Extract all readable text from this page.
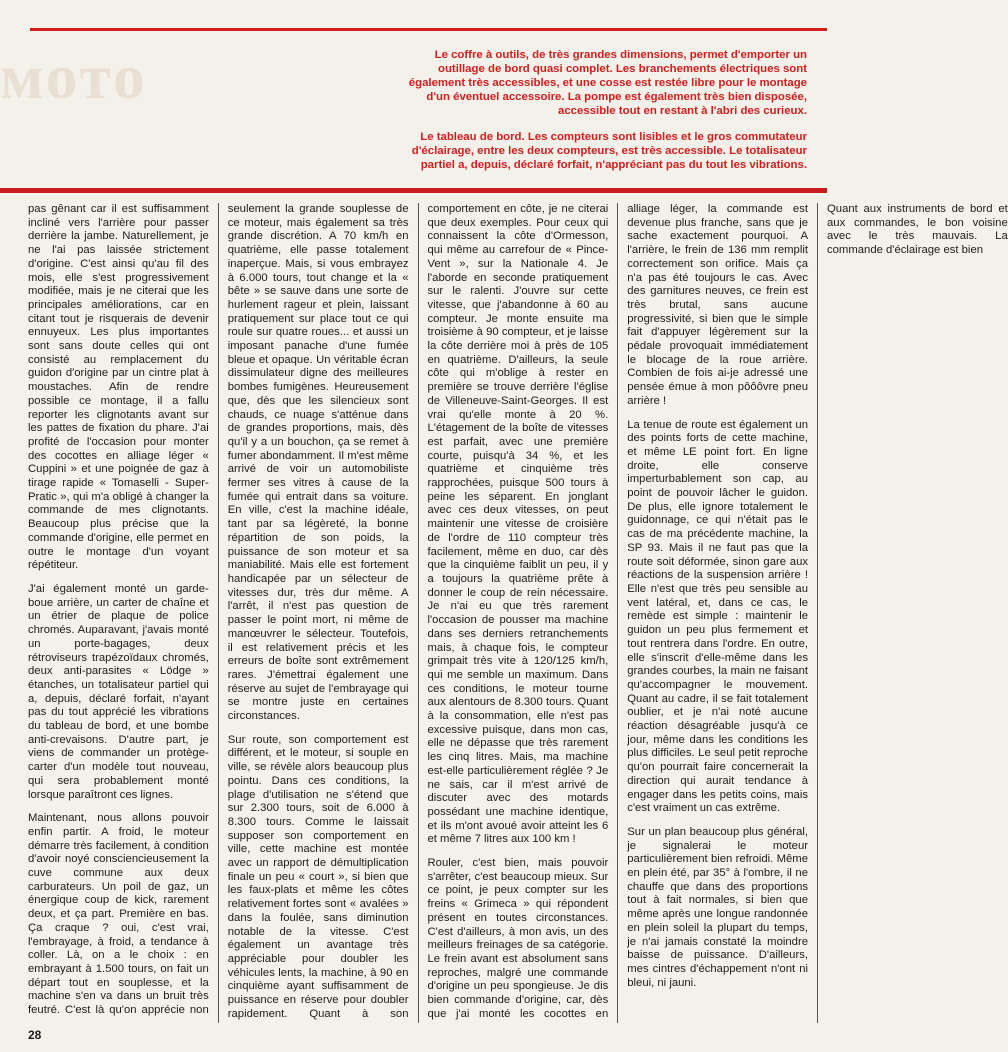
ᴍᴏᴛᴏ	Le coffre à outils, de très grandes dimensions, permet d'emporter un outillage de bord quasi complet. Les branchements électriques sont également très accessibles, et une cosse est restée libre pour le montage d'un éventuel accessoire. La pompe est également très bien disposée, accessible tout en restant à l'abri des curieux.

Le tableau de bord. Les compteurs sont lisibles et le gros commutateur d'éclairage, entre les deux compteurs, est très accessible. Le totalisateur partiel a, depuis, déclaré forfait, n'appréciant pas du tout les vibrations.

pas gênant car il est suffisamment incliné vers l'arrière pour passer derrière la jambe. Naturellement, je ne l'ai pas laissée strictement d'origine. C'est ainsi qu'au fil des mois, elle s'est progressivement modifiée, mais je ne citerai que les principales améliorations, car en citant tout je risquerais de devenir ennuyeux. Les plus importantes sont sans doute celles qui ont consisté au remplacement du guidon d'origine par un cintre plat à moustaches. Afin de rendre possible ce montage, il a fallu reporter les clignotants avant sur les pattes de fixation du phare. J'ai profité de l'occasion pour monter des cocottes en alliage léger « Cuppini » et une poignée de gaz à tirage rapide « Tomaselli - Super-Pratic », qui m'a obligé à changer la commande de mes clignotants. Beaucoup plus précise que la commande d'origine, elle permet en outre le montage d'un voyant répétiteur.

J'ai également monté un garde-boue arrière, un carter de chaîne et un étrier de plaque de police chromés. Auparavant, j'avais monté un porte-bagages, deux rétroviseurs trapézoïdaux chromés, deux anti-parasites « Lödge » étanches, un totalisateur partiel qui a, depuis, déclaré forfait, n'ayant pas du tout apprécié les vibrations du tableau de bord, et une bombe anti-crevaisons. D'autre part, je viens de commander un protège-carter d'un modèle tout nouveau, qui sera probablement monté lorsque paraîtront ces lignes.

Maintenant, nous allons pouvoir enfin partir. A froid, le moteur démarre très facilement, à condition d'avoir noyé consciencieusement la cuve commune aux deux carburateurs. Un poil de gaz, un énergique coup de kick, rarement deux, et ça part. Première en bas. Ça craque ? oui, c'est vrai, l'embrayage, à froid, a tendance à coller. Là, on a le choix : en embrayant à 1.500 tours, on fait un départ tout en souplesse, et la machine s'en va dans un bruit très feutré. C'est là qu'on apprécie non seulement la grande souplesse de ce moteur, mais également sa très grande discrétion. A 70 km/h en quatrième, elle passe totalement inaperçue. Mais, si vous embrayez à 6.000 tours, tout change et la « bête » se sauve dans une sorte de hurlement rageur et plein, laissant pratiquement sur place tout ce qui roule sur quatre roues... et aussi un imposant panache d'une fumée bleue et opaque. Un véritable écran dissimulateur digne des meilleures bombes fumigènes. Heureusement que, dès que les silencieux sont chauds, ce nuage s'atténue dans de grandes proportions, mais, dès qu'il y a un bouchon, ça se remet à fumer abondamment. Il m'est même arrivé de voir un automobiliste fermer ses vitres à cause de la fumée qui entrait dans sa voiture. En ville, c'est la machine idéale, tant par sa légèreté, la bonne répartition de son poids, la puissance de son moteur et sa maniabilité. Mais elle est fortement handicapée par un sélecteur de vitesses dur, très dur même. A l'arrêt, il n'est pas question de passer le point mort, ni même de manœuvrer le sélecteur. Toutefois, il est relativement précis et les erreurs de boîte sont extrêmement rares. J'émettrai également une réserve au sujet de l'embrayage qui se montre juste en certaines circonstances.

Sur route, son comportement est différent, et le moteur, si souple en ville, se révèle alors beaucoup plus pointu. Dans ces conditions, la plage d'utilisation ne s'étend que sur 2.300 tours, soit de 6.000 à 8.300 tours. Comme le laissait supposer son comportement en ville, cette machine est montée avec un rapport de démultiplication finale un peu « court », si bien que les faux-plats et même les côtes relativement fortes sont « avalées » dans la foulée, sans diminution notable de la vitesse. C'est également un avantage très appréciable pour doubler les véhicules lents, la machine, à 90 en cinquième ayant suffisamment de puissance en réserve pour doubler rapidement. Quant à son comportement en côte, je ne citerai que deux exemples. Pour ceux qui connaissent la côte d'Ormesson, qui même au carrefour de « Pince-Vent », sur la Nationale 4. Je l'aborde en seconde pratiquement sur le ralenti. J'ouvre sur cette vitesse, que j'abandonne à 60 au compteur. Je monte ensuite ma troisième à 90 compteur, et je laisse la côte derrière moi à près de 105 en quatrième. D'ailleurs, la seule côte qui m'oblige à rester en première se trouve derrière l'église de Villeneuve-Saint-Georges. Il est vrai qu'elle monte à 20 %. L'étagement de la boîte de vitesses est parfait, avec une première courte, puisqu'à 34 %, et les quatrième et cinquième très rapprochées, puisque 500 tours à peine les séparent. En jonglant avec ces deux vitesses, on peut maintenir une vitesse de croisière de l'ordre de 110 compteur très facilement, même en duo, car dès que la cinquième faiblit un peu, il y a toujours la quatrième prête à donner le coup de rein nécessaire. Je n'ai eu que très rarement l'occasion de pousser ma machine dans ses derniers retranchements mais, à chaque fois, le compteur grimpait très vite à 120/125 km/h, qui me semble un maximum. Dans ces conditions, le moteur tourne aux alentours de 8.300 tours. Quant à la consommation, elle n'est pas excessive puisque, dans mon cas, elle ne dépasse que très rarement les cinq litres. Mais, ma machine est-elle particulièrement réglée ? Je ne sais, car il m'est arrivé de discuter avec des motards possédant une machine identique, et ils m'ont avoué avoir atteint les 6 et même 7 litres aux 100 km !

Rouler, c'est bien, mais pouvoir s'arrêter, c'est beaucoup mieux. Sur ce point, je peux compter sur les freins « Grimeca » qui répondent présent en toutes circonstances. C'est d'ailleurs, à mon avis, un des meilleurs freinages de sa catégorie. Le frein avant est absolument sans reproches, malgré une commande d'origine un peu spongieuse. Je dis bien commande d'origine, car, dès que j'ai monté les cocottes en alliage léger, la commande est devenue plus franche, sans que je sache exactement pourquoi. A l'arrière, le frein de 136 mm remplit correctement son orifice. Mais ça n'a pas été toujours le cas. Avec des garnitures neuves, ce frein est très brutal, sans aucune progressivité, si bien que le simple fait d'appuyer légèrement sur la pédale provoquait immédiatement le blocage de la roue arrière. Combien de fois ai-je adressé une pensée émue à mon pôôôvre pneu arrière !

La tenue de route est également un des points forts de cette machine, et même LE point fort. En ligne droite, elle conserve imperturbablement son cap, au point de pouvoir lâcher le guidon. De plus, elle ignore totalement le guidonnage, ce qui n'était pas le cas de ma précédente machine, la SP 93. Mais il ne faut pas que la route soit déformée, sinon gare aux réactions de la suspension arrière ! Elle n'est que très peu sensible au vent latéral, et, dans ce cas, le remède est simple : maintenir le guidon un peu plus fermement et tout rentrera dans l'ordre. En outre, elle s'inscrit d'elle-même dans les grandes courbes, la main ne faisant qu'accompagner le mouvement. Quant au cadre, il se fait totalement oublier, et je n'ai noté aucune réaction désagréable jusqu'à ce jour, même dans les conditions les plus difficiles. Le seul petit reproche qu'on pourrait faire concernerait la direction qui aurait tendance à engager dans les petits coins, mais c'est vraiment un cas extrême.

Sur un plan beaucoup plus général, je signalerai le moteur particulièrement bien refroidi. Même en plein été, par 35° à l'ombre, il ne chauffe que dans des proportions tout à fait normales, si bien que même après une longue randonnée en plein soleil la plupart du temps, je n'ai jamais constaté la moindre baisse de puissance. D'ailleurs, mes cintres d'échappement n'ont ni bleui, ni jauni.

Quant aux instruments de bord et aux commandes, le bon voisine avec le très mauvais. La commande d'éclairage est bien

28
